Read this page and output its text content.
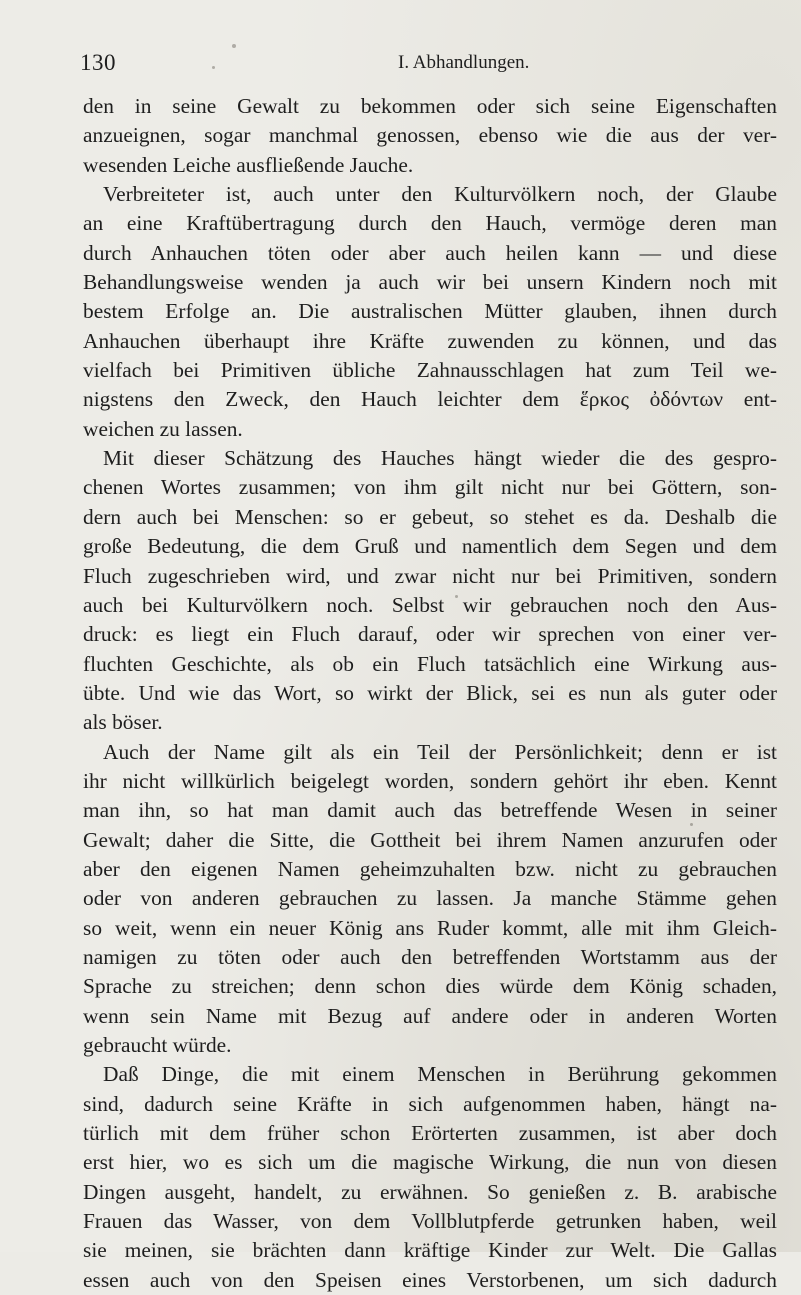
130	I. Abhandlungen.
den in seine Gewalt zu bekommen oder sich seine Eigenschaften
anzueignen, sogar manchmal genossen, ebenso wie die aus der ver-
wesenden Leiche ausfließende Jauche.
Verbreiteter ist, auch unter den Kulturvölkern noch, der Glaube
an eine Kraftübertragung durch den Hauch, vermöge deren man
durch Anhauchen töten oder aber auch heilen kann — und diese
Behandlungsweise wenden ja auch wir bei unsern Kindern noch mit
bestem Erfolge an. Die australischen Mütter glauben, ihnen durch
Anhauchen überhaupt ihre Kräfte zuwenden zu können, und das
vielfach bei Primitiven übliche Zahnausschlagen hat zum Teil we-
nigstens den Zweck, den Hauch leichter dem ἕρκος ὀδόντων ent-
weichen zu lassen.
Mit dieser Schätzung des Hauches hängt wieder die des gespro-
chenen Wortes zusammen; von ihm gilt nicht nur bei Göttern, son-
dern auch bei Menschen: so er gebeut, so stehet es da. Deshalb die
große Bedeutung, die dem Gruß und namentlich dem Segen und dem
Fluch zugeschrieben wird, und zwar nicht nur bei Primitiven, sondern
auch bei Kulturvölkern noch. Selbst wir gebrauchen noch den Aus-
druck: es liegt ein Fluch darauf, oder wir sprechen von einer ver-
fluchten Geschichte, als ob ein Fluch tatsächlich eine Wirkung aus-
übte. Und wie das Wort, so wirkt der Blick, sei es nun als guter oder
als böser.
Auch der Name gilt als ein Teil der Persönlichkeit; denn er ist
ihr nicht willkürlich beigelegt worden, sondern gehört ihr eben. Kennt
man ihn, so hat man damit auch das betreffende Wesen in seiner
Gewalt; daher die Sitte, die Gottheit bei ihrem Namen anzurufen oder
aber den eigenen Namen geheimzuhalten bzw. nicht zu gebrauchen
oder von anderen gebrauchen zu lassen. Ja manche Stämme gehen
so weit, wenn ein neuer König ans Ruder kommt, alle mit ihm Gleich-
namigen zu töten oder auch den betreffenden Wortstamm aus der
Sprache zu streichen; denn schon dies würde dem König schaden,
wenn sein Name mit Bezug auf andere oder in anderen Worten
gebraucht würde.
Daß Dinge, die mit einem Menschen in Berührung gekommen
sind, dadurch seine Kräfte in sich aufgenommen haben, hängt na-
türlich mit dem früher schon Erörterten zusammen, ist aber doch
erst hier, wo es sich um die magische Wirkung, die nun von diesen
Dingen ausgeht, handelt, zu erwähnen. So genießen z. B. arabische
Frauen das Wasser, von dem Vollblutpferde getrunken haben, weil
sie meinen, sie brächten dann kräftige Kinder zur Welt. Die Gallas
essen auch von den Speisen eines Verstorbenen, um sich dadurch
